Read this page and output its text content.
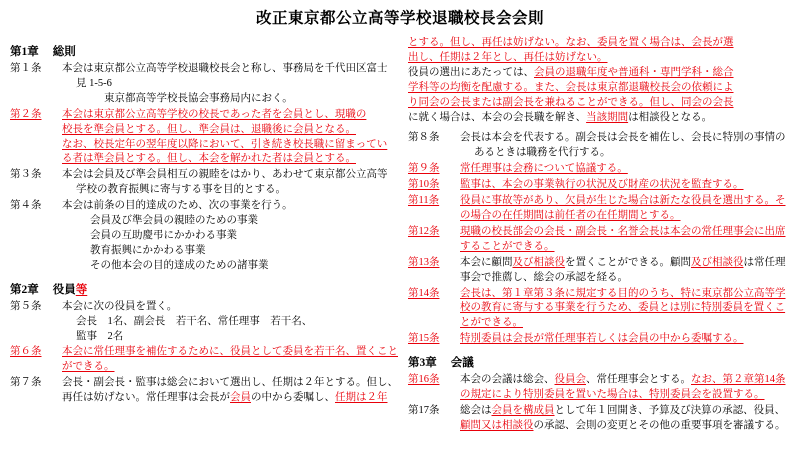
改正東京都公立高等学校退職校長会会則
第1章 総則
第１条	本会は東京都公立高等学校退職校長会と称し、事務局を千代田区富士
見 1-5-6
東京都高等学校長協会事務局内におく。
第２条	本会は東京都公立高等学校の校長であった者を会員とし、現職の
校長を準会員とする。但し、準会員は、退職後に会員となる。
なお、校長定年の翌年度以降において、引き続き校長職に留まってい
る者は準会員とする。但し、本会を解かれた者は会員とする。
第３条	本会は会員及び準会員相互の親睦をはかり、あわせて東京都公立高等
学校の教育振興に寄与する事を目的とする。
第４条	本会は前条の目的達成のため、次の事業を行う。
会員及び準会員の親睦のための事業
会員の互助慶弔にかかわる事業
教育振興にかかわる事業
その他本会の目的達成のための諸事業
第2章 役員等
第５条	本会に次の役員を置く。
会長　1名、副会長　若干名、常任理事　若干名、
監事　2名
第６条	本会に常任理事を補佐するために、役員として委員を若干名、置くこと
ができる。
第７条	会長・副会長・監事は総会において選出し、任期は２年とする。但し、
再任は妨げない。常任理事は会長が会員の中から委嘱し、任期は２年
とする。但し、再任は妨げない。なお、委員を置く場合は、会長が選
出し、任期は２年とし、再任は妨げない。
役員の選出にあたっては、会員の退職年度や普通科・専門学科・総合
学科等の均衡を配慮する。また、会長は東京都退職校長会の依頼によ
り同会の会長または副会長を兼ねることができる。但し、同会の会長
に就く場合は、本会の会長職を解き、当該期間は相談役となる。
第８条	会長は本会を代表する。副会長は会長を補佐し、会長に特別の事情の
あるときは職務を代行する。
第９条	常任理事は会務について協議する。
第10条	監事は、本会の事業執行の状況及び財産の状況を監査する。
第11条	役員に事故等があり、欠員が生じた場合は新たな役員を選出する。そ
の場合の在任期間は前任者の在任期間とする。
第12条	現職の校長部会の会長・副会長・名誉会長は本会の常任理事会に出席
することができる。
第13条	本会に顧問及び相談役を置くことができる。顧問及び相談役は常任理
事会で推薦し、総会の承認を経る。
第14条	会長は、第１章第３条に規定する目的のうち、特に東京都公立高等学
校の教育に寄与する事業を行うため、委員とは別に特別委員を置くこ
とができる。
第15条	特別委員は会長が常任理事若しくは会員の中から委嘱する。
第3章 会議
第16条	本会の会議は総会、役員会、常任理事会とする。なお、第２章第14条
の規定により特別委員を置いた場合は、特別委員会を設置する。
第17条	総会は会員を構成員として年１回開き、予算及び決算の承認、役員、
顧問又は相談役の承認、会則の変更とその他の重要事項を審議する。
